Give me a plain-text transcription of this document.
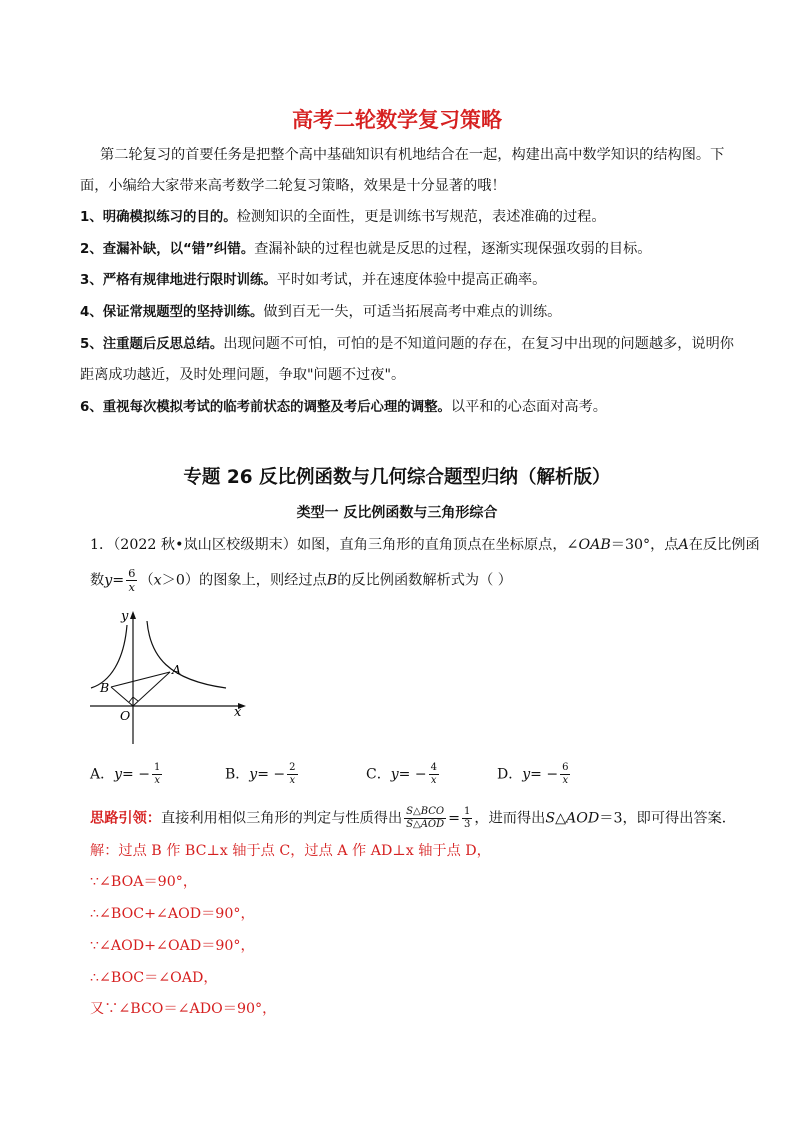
高考二轮数学复习策略
第二轮复习的首要任务是把整个高中基础知识有机地结合在一起，构建出高中数学知识的结构图。下
面，小编给大家带来高考数学二轮复习策略，效果是十分显著的哦！
1、明确模拟练习的目的。检测知识的全面性，更是训练书写规范，表述准确的过程。
2、查漏补缺，以“错”纠错。查漏补缺的过程也就是反思的过程，逐渐实现保强攻弱的目标。
3、严格有规律地进行限时训练。平时如考试，并在速度体验中提高正确率。
4、保证常规题型的坚持训练。做到百无一失，可适当拓展高考中难点的训练。
5、注重题后反思总结。出现问题不可怕，可怕的是不知道问题的存在，在复习中出现的问题越多，说明你
距离成功越近，及时处理问题，争取"问题不过夜"。
6、重视每次模拟考试的临考前状态的调整及考后心理的调整。以平和的心态面对高考。
专题 26 反比例函数与几何综合题型归纳（解析版）
类型一 反比例函数与三角形综合
1．（2022 秋•岚山区校级期末）如图，直角三角形的直角顶点在坐标原点，∠OAB＝30°，点A在反比例函
数$y= \frac{6}{x} (x>0)$的图象上，则经过点B的反比例函数解析式为（ ）
y
x
A
B
O
A．$y= - \frac{1}{x}$	B．$y= - \frac{2}{x}$	C．$y= - \frac{4}{x}$	D．$y= - \frac{6}{x}$
思路引领：直接利用相似三角形的判定与性质得出 $\frac{\text{S△BCO}}{\text{S△AOD}} = \frac{1}{3}$ ，进而得出S△AOD＝3，即可得出答案．
解：过点 B 作 BC⊥x 轴于点 C，过点 A 作 AD⊥x 轴于点 D，
∵∠BOA＝90°，
∴∠BOC+∠AOD＝90°，
∵∠AOD+∠OAD＝90°，
∴∠BOC＝∠OAD，
又∵∠BCO＝∠ADO＝90°，
